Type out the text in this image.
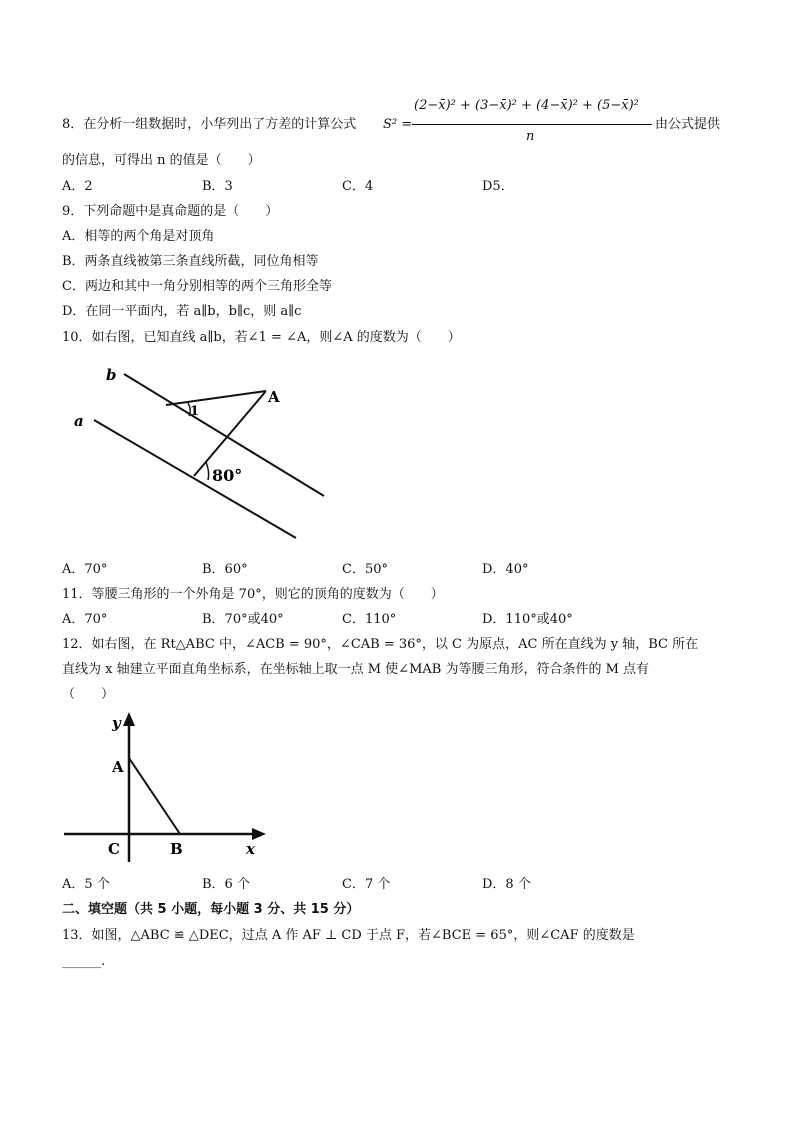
8．在分析一组数据时，小华列出了方差的计算公式 S² =
(2−x̄)² + (3−x̄)² + (4−x̄)² + (5−x̄)²
n
由公式提供
的信息，可得出 n 的值是（　　）
A．2	B．3	C．4	D5．
9．下列命题中是真命题的是（　　）
A．相等的两个角是对顶角
B．两条直线被第三条直线所截，同位角相等
C．两边和其中一角分别相等的两个三角形全等
D．在同一平面内，若 a∥b，b∥c，则 a∥c
10．如右图，已知直线 a∥b，若∠1 = ∠A，则∠A 的度数为（　　）
b
a
A
1
80°
A．70°	B．60°	C．50°	D．40°
11．等腰三角形的一个外角是 70°，则它的顶角的度数为（　　）
A．70°	B．70°或40°	C．110°	D．110°或40°
12．如右图，在 Rt△ABC 中，∠ACB = 90°，∠CAB = 36°，以 C 为原点，AC 所在直线为 y 轴，BC 所在
直线为 x 轴建立平面直角坐标系，在坐标轴上取一点 M 使∠MAB 为等腰三角形，符合条件的 M 点有
（　　）
y
A
C	B	x
A．5 个	B．6 个	C．7 个	D．8 个
二、填空题（共 5 小题，每小题 3 分、共 15 分）
13．如图，△ABC ≌ △DEC，过点 A 作 AF ⊥ CD 于点 F，若∠BCE = 65°，则∠CAF 的度数是
______.
